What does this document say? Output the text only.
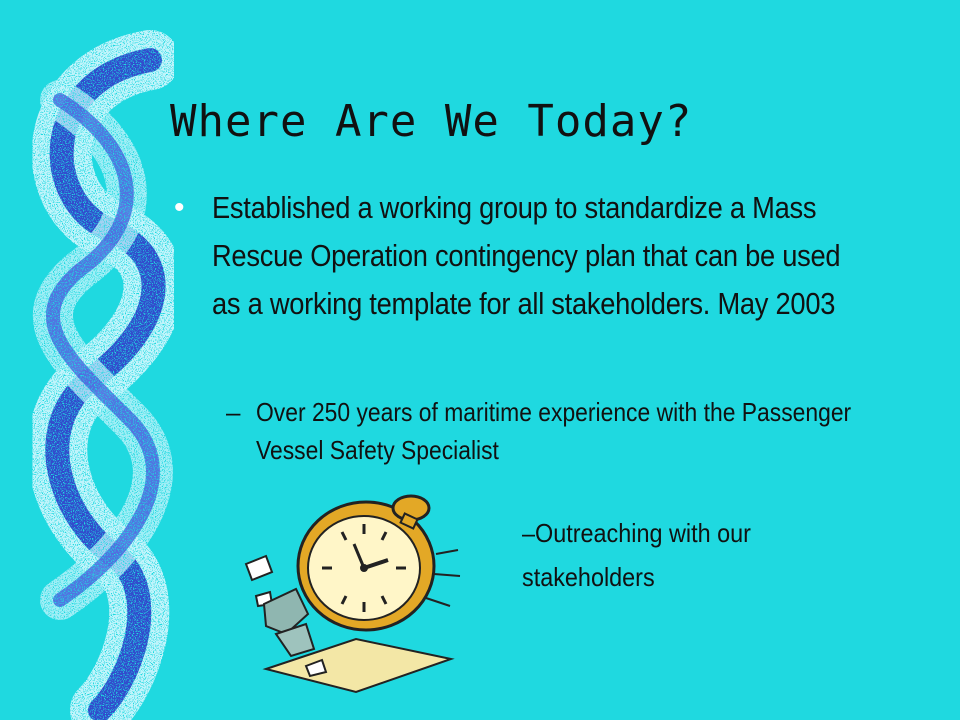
Where Are We Today?
• Established a working group to standardize a Mass Rescue Operation contingency plan that can be used as a working template for all stakeholders. May 2003
– Over 250 years of maritime experience with the Passenger Vessel Safety Specialist
–Outreaching with our stakeholders
